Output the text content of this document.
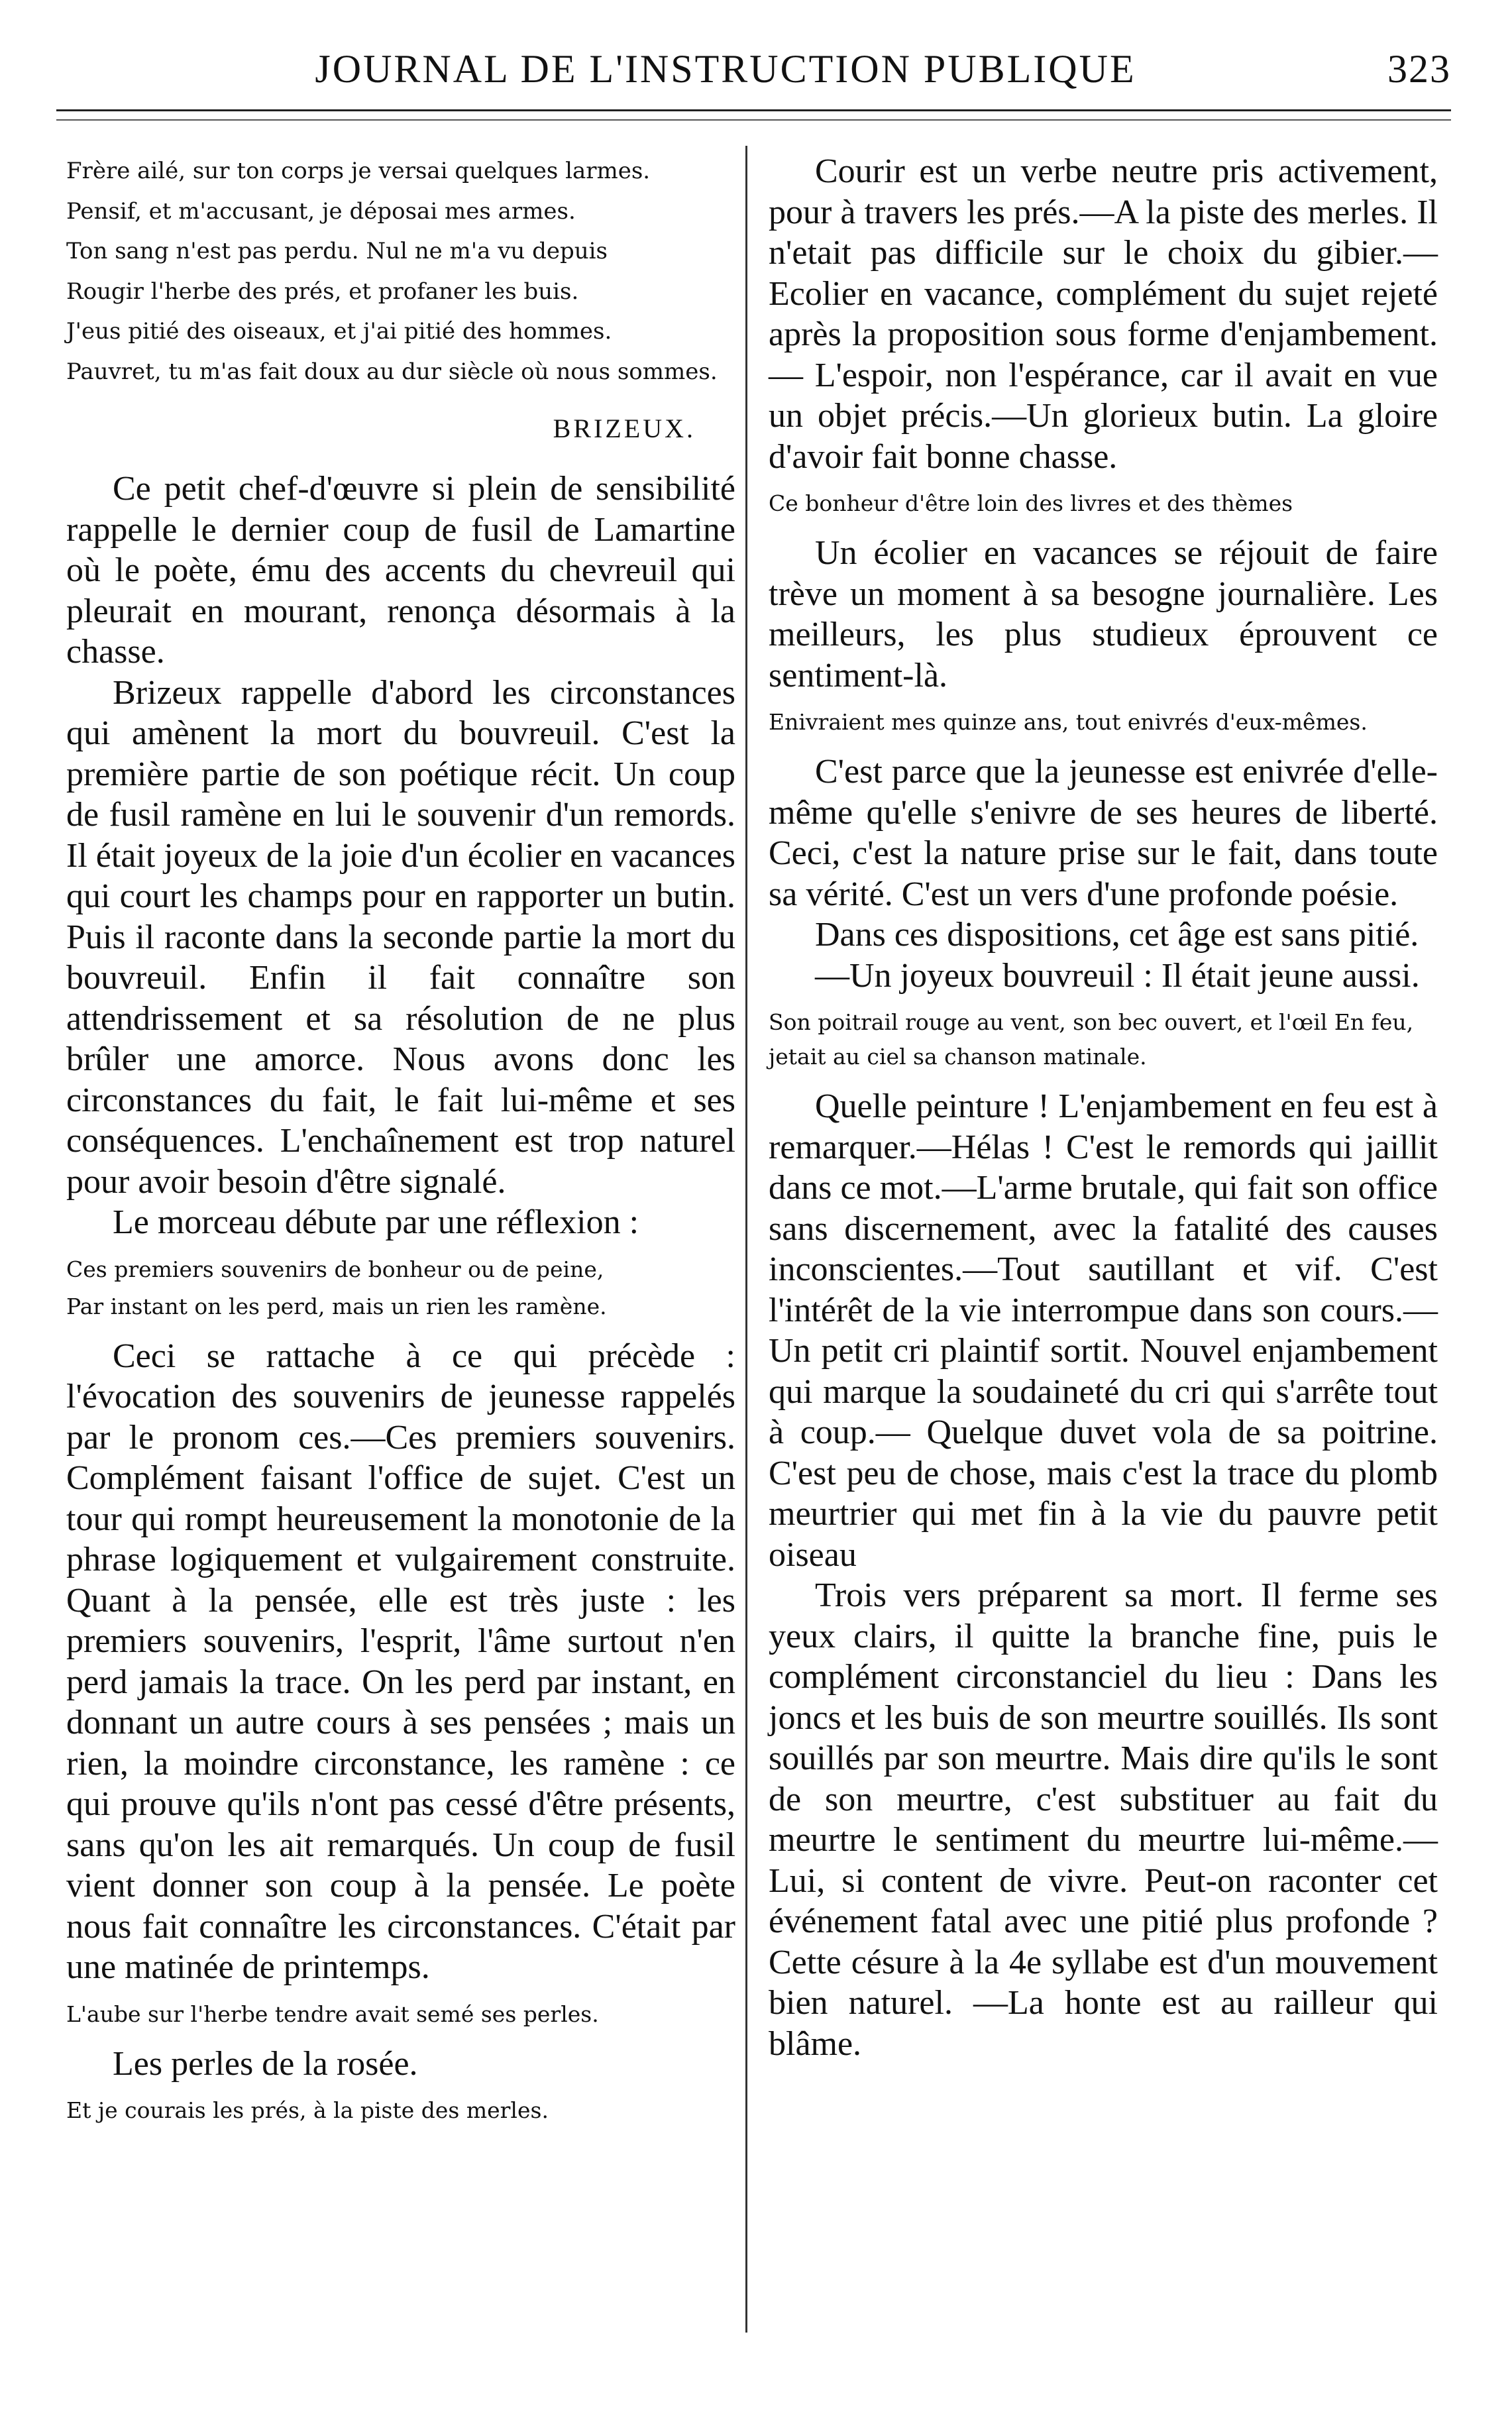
JOURNAL DE L'INSTRUCTION PUBLIQUE	323

Frère ailé, sur ton corps je versai quelques larmes.

Pensif, et m'accusant, je déposai mes armes.

Ton sang n'est pas perdu. Nul ne m'a vu depuis

Rougir l'herbe des prés, et profaner les buis.

J'eus pitié des oiseaux, et j'ai pitié des hommes.

Pauvret, tu m'as fait doux au dur siècle où nous sommes.

BRIZEUX.

Ce petit chef-d'œuvre si plein de sensibilité rappelle le dernier coup de fusil de Lamartine où le poète, ému des accents du chevreuil qui pleurait en mourant, renonça désormais à la chasse.

Brizeux rappelle d'abord les circonstances qui amènent la mort du bouvreuil. C'est la première partie de son poétique récit. Un coup de fusil ramène en lui le souvenir d'un remords. Il était joyeux de la joie d'un écolier en vacances qui court les champs pour en rapporter un butin. Puis il raconte dans la seconde partie la mort du bouvreuil. Enfin il fait connaître son attendrissement et sa résolution de ne plus brûler une amorce. Nous avons donc les circonstances du fait, le fait lui-même et ses conséquences. L'enchaînement est trop naturel pour avoir besoin d'être signalé.

Le morceau débute par une réflexion :

Ces premiers souvenirs de bonheur ou de peine,

Par instant on les perd, mais un rien les ramène.

Ceci se rattache à ce qui précède : l'évocation des souvenirs de jeunesse rappelés par le pronom ces.—Ces premiers souvenirs. Complément faisant l'office de sujet. C'est un tour qui rompt heureusement la monotonie de la phrase logiquement et vulgairement construite. Quant à la pensée, elle est très juste : les premiers souvenirs, l'esprit, l'âme surtout n'en perd jamais la trace. On les perd par instant, en donnant un autre cours à ses pensées ; mais un rien, la moindre circonstance, les ramène : ce qui prouve qu'ils n'ont pas cessé d'être présents, sans qu'on les ait remarqués. Un coup de fusil vient donner son coup à la pensée. Le poète nous fait connaître les circonstances. C'était par une matinée de printemps.

L'aube sur l'herbe tendre avait semé ses perles.

Les perles de la rosée.

Et je courais les prés, à la piste des merles.

Courir est un verbe neutre pris activement, pour à travers les prés.—A la piste des merles. Il n'etait pas difficile sur le choix du gibier.—Ecolier en vacance, complément du sujet rejeté après la proposition sous forme d'enjambement.— L'espoir, non l'espérance, car il avait en vue un objet précis.—Un glorieux butin. La gloire d'avoir fait bonne chasse.

Ce bonheur d'être loin des livres et des thèmes

Un écolier en vacances se réjouit de faire trève un moment à sa besogne journalière. Les meilleurs, les plus studieux éprouvent ce sentiment-là.

Enivraient mes quinze ans, tout enivrés d'eux-mêmes.

C'est parce que la jeunesse est enivrée d'elle-même qu'elle s'enivre de ses heures de liberté. Ceci, c'est la nature prise sur le fait, dans toute sa vérité. C'est un vers d'une profonde poésie.

Dans ces dispositions, cet âge est sans pitié.

—Un joyeux bouvreuil : Il était jeune aussi.

Son poitrail rouge au vent, son bec ouvert, et l'œil En feu, jetait au ciel sa chanson matinale.

Quelle peinture ! L'enjambement en feu est à remarquer.—Hélas ! C'est le remords qui jaillit dans ce mot.—L'arme brutale, qui fait son office sans discernement, avec la fatalité des causes inconscientes.—Tout sautillant et vif. C'est l'intérêt de la vie interrompue dans son cours.—Un petit cri plaintif sortit. Nouvel enjambement qui marque la soudaineté du cri qui s'arrête tout à coup.— Quelque duvet vola de sa poitrine. C'est peu de chose, mais c'est la trace du plomb meurtrier qui met fin à la vie du pauvre petit oiseau

Trois vers préparent sa mort. Il ferme ses yeux clairs, il quitte la branche fine, puis le complément circonstanciel du lieu : Dans les joncs et les buis de son meurtre souillés. Ils sont souillés par son meurtre. Mais dire qu'ils le sont de son meurtre, c'est substituer au fait du meurtre le sentiment du meurtre lui-même.— Lui, si content de vivre. Peut-on raconter cet événement fatal avec une pitié plus profonde ? Cette césure à la 4e syllabe est d'un mouvement bien naturel. —La honte est au railleur qui blâme.
